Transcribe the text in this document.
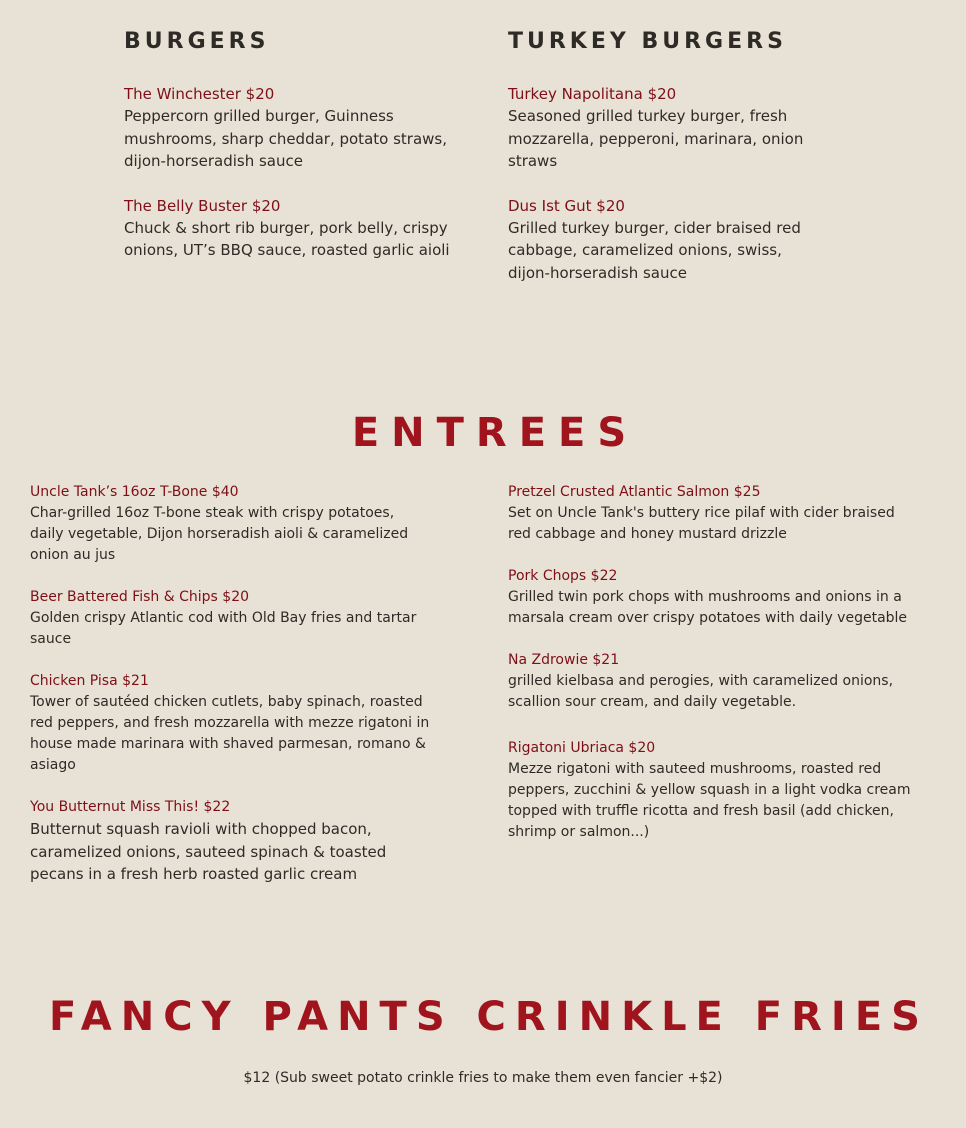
BURGERS
The Winchester $20
Peppercorn grilled burger, Guinness mushrooms, sharp cheddar, potato straws, dijon-horseradish sauce
The Belly Buster $20
Chuck & short rib burger, pork belly, crispy onions, UT’s BBQ sauce, roasted garlic aioli
TURKEY BURGERS
Turkey Napolitana $20
Seasoned grilled turkey burger, fresh mozzarella, pepperoni, marinara, onion straws
Dus Ist Gut $20
Grilled turkey burger, cider braised red cabbage, caramelized onions, swiss, dijon-horseradish sauce
ENTREES
Uncle Tank’s 16oz T-Bone $40
Char-grilled 16oz T-bone steak with crispy potatoes, daily vegetable, Dijon horseradish aioli & caramelized onion au jus
Beer Battered Fish & Chips $20
Golden crispy Atlantic cod with Old Bay fries and tartar sauce
Chicken Pisa $21
Tower of sautéed chicken cutlets, baby spinach, roasted red peppers, and fresh mozzarella with mezze rigatoni in house made marinara with shaved parmesan, romano & asiago
You Butternut Miss This! $22
Butternut squash ravioli with chopped bacon, caramelized onions, sauteed spinach & toasted pecans in a fresh herb roasted garlic cream
Pretzel Crusted Atlantic Salmon $25
Set on Uncle Tank's buttery rice pilaf with cider braised red cabbage and honey mustard drizzle
Pork Chops $22
Grilled twin pork chops with mushrooms and onions in a marsala cream over crispy potatoes with daily vegetable
Na Zdrowie $21
grilled kielbasa and perogies, with caramelized onions, scallion sour cream, and daily vegetable.
Rigatoni Ubriaca $20
Mezze rigatoni with sauteed mushrooms, roasted red peppers, zucchini & yellow squash in a light vodka cream topped with truffle ricotta and fresh basil (add chicken, shrimp or salmon...)
FANCY PANTS CRINKLE FRIES

$12 (Sub sweet potato crinkle fries to make them even fancier +$2)
